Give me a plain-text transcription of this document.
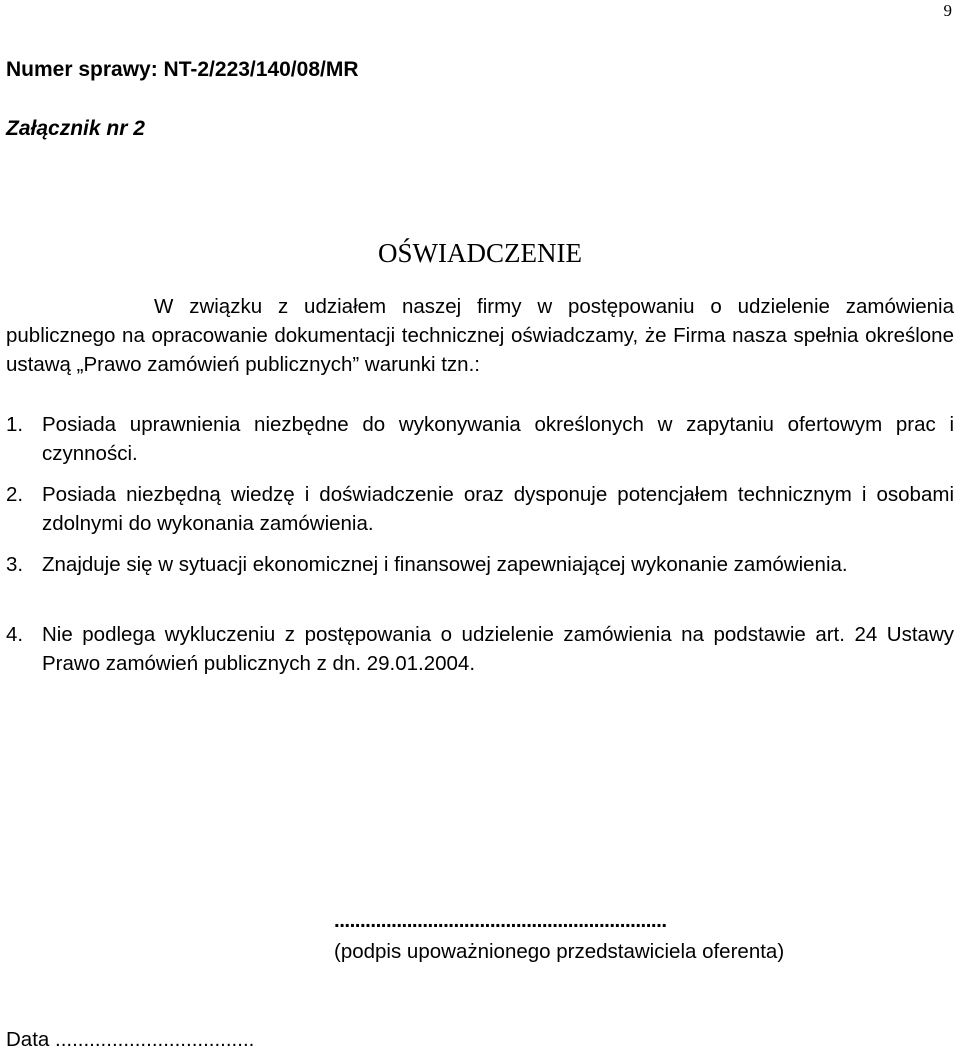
9
Numer sprawy: NT-2/223/140/08/MR
Załącznik nr 2
OŚWIADCZENIE
W związku z udziałem naszej firmy w postępowaniu o udzielenie zamówienia publicznego na opracowanie dokumentacji technicznej oświadczamy, że Firma nasza spełnia określone ustawą „Prawo zamówień publicznych” warunki tzn.:
1. Posiada uprawnienia niezbędne do wykonywania określonych w zapytaniu ofertowym prac i czynności.
2. Posiada niezbędną wiedzę i doświadczenie oraz dysponuje potencjałem technicznym i osobami zdolnymi do wykonania zamówienia.
3. Znajduje się w sytuacji ekonomicznej i finansowej zapewniającej wykonanie zamówienia.
4. Nie podlega wykluczeniu z postępowania o udzielenie zamówienia na podstawie art. 24 Ustawy Prawo zamówień publicznych z dn. 29.01.2004.
................................................................
(podpis upoważnionego przedstawiciela oferenta)
Data ...................................
